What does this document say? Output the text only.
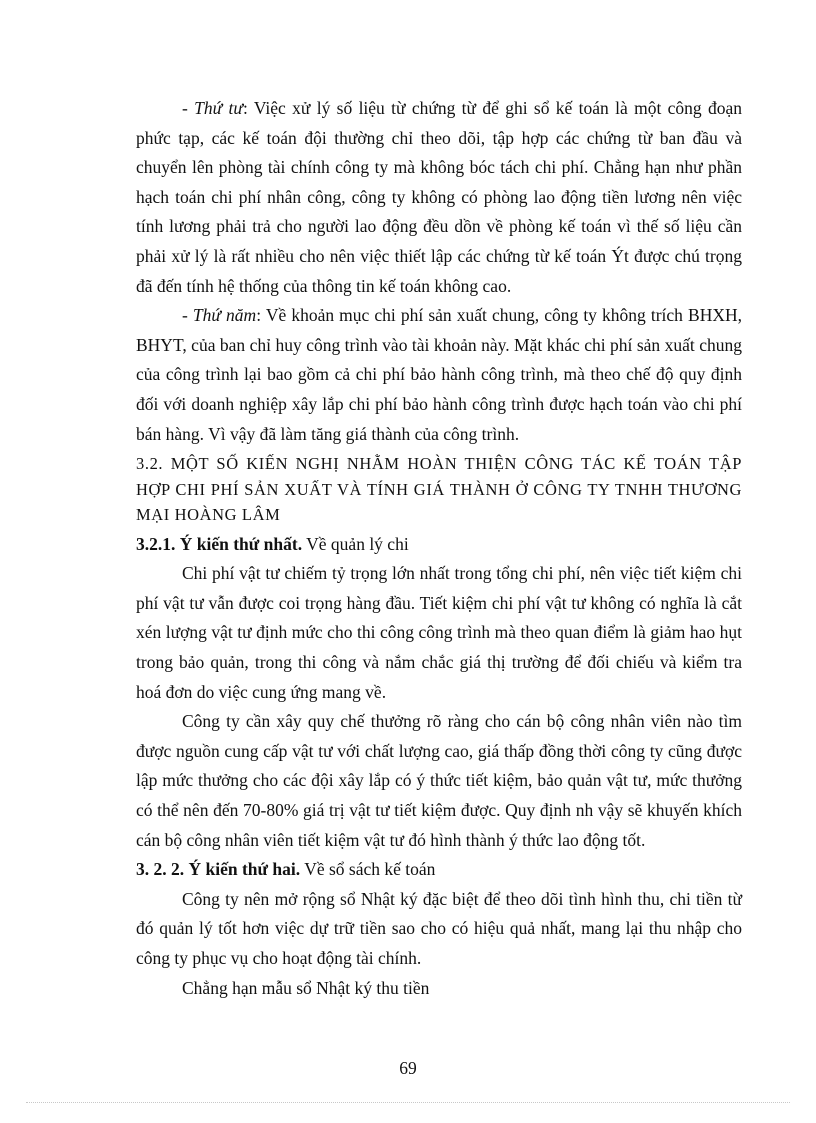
- Thứ tư: Việc xử lý số liệu từ chứng từ để ghi sổ kế toán là một công đoạn phức tạp, các kế toán đội thường chỉ theo dõi, tập hợp các chứng từ ban đầu và chuyển lên phòng tài chính công ty mà không bóc tách chi phí. Chẳng hạn như phần hạch toán chi phí nhân công, công ty không có phòng lao động tiền lương nên việc tính lương phải trả cho người lao động đều dồn về phòng kế toán vì thế số liệu cần phải xử lý là rất nhiều cho nên việc thiết lập các chứng từ kế toán Ýt được chú trọng đã đến tính hệ thống của thông tin kế toán không cao.

- Thứ năm: Về khoản mục chi phí sản xuất chung, công ty không trích BHXH, BHYT, của ban chỉ huy công trình vào tài khoản này. Mặt khác chi phí sản xuất chung của công trình lại bao gồm cả chi phí bảo hành công trình, mà theo chế độ quy định đối với doanh nghiệp xây lắp chi phí bảo hành công trình được hạch toán vào chi phí bán hàng. Vì vậy đã làm tăng giá thành của công trình.

3.2. MỘT SỐ KIẾN NGHỊ NHẰM HOÀN THIỆN CÔNG TÁC KẾ TOÁN TẬP HỢP CHI PHÍ SẢN XUẤT VÀ TÍNH GIÁ THÀNH Ở CÔNG TY TNHH THƯƠNG MẠI HOÀNG LÂM

3.2.1. Ý kiến thứ nhất. Về quản lý chi

Chi phí vật tư chiếm tỷ trọng lớn nhất trong tổng chi phí, nên việc tiết kiệm chi phí vật tư vẫn được coi trọng hàng đầu. Tiết kiệm chi phí vật tư không có nghĩa là cắt xén lượng vật tư định mức cho thi công công trình mà theo quan điểm là giảm hao hụt trong bảo quản, trong thi công và nắm chắc giá thị trường để đối chiếu và kiểm tra hoá đơn do việc cung ứng mang về.

Công ty cần xây quy chế thưởng rõ ràng cho cán bộ công nhân viên nào tìm được nguồn cung cấp vật tư với chất lượng cao, giá thấp đồng thời công ty cũng được lập mức thưởng cho các đội xây lắp có ý thức tiết kiệm, bảo quản vật tư, mức thưởng có thể nên đến 70-80% giá trị vật tư tiết kiệm được. Quy định nh vậy sẽ khuyến khích cán bộ công nhân viên tiết kiệm vật tư đó hình thành ý thức lao động tốt.

3. 2. 2. Ý kiến thứ hai. Về sổ sách kế toán

Công ty nên mở rộng sổ Nhật ký đặc biệt để theo dõi tình hình thu, chi tiền từ đó quản lý tốt hơn việc dự trữ tiền sao cho có hiệu quả nhất, mang lại thu nhập cho công ty phục vụ cho hoạt động tài chính.

Chẳng hạn mẫu sổ Nhật ký thu tiền

69
